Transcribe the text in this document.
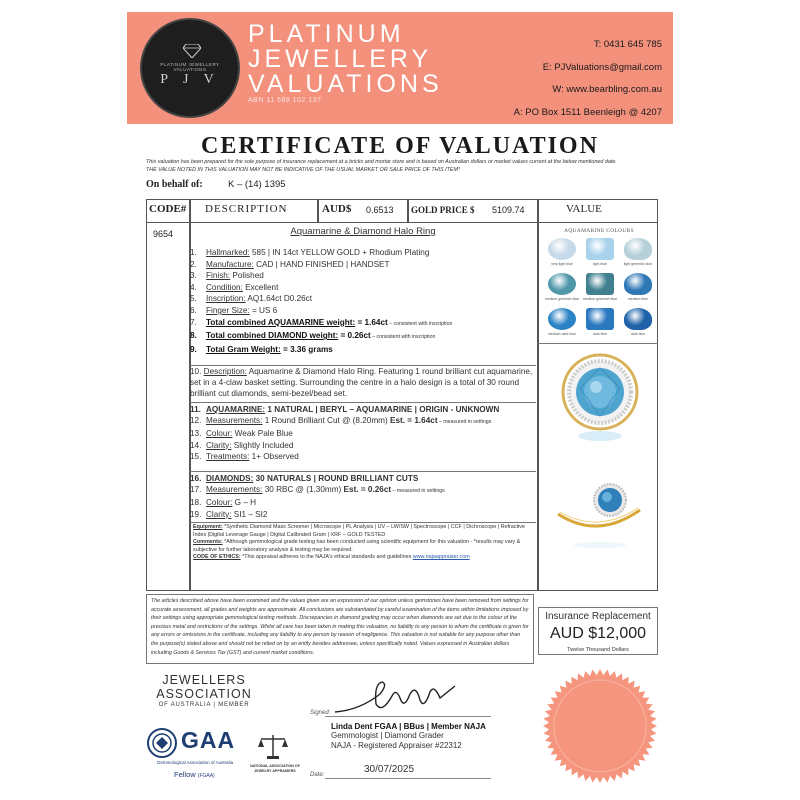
PLATINUM JEWELLERY VALUATIONS
P J V
PLATINUM
JEWELLERY
VALUATIONS
ABN 11 588 102 137
T: 0431 645 785
E: PJValuations@gmail.com
W: www.bearbling.com.au
A: PO Box 1511 Beenleigh @ 4207
CERTIFICATE OF VALUATION
This valuation has been prepared for the sole purpose of insurance replacement at a bricks and mortar store and is based on Australian dollars or market values current at the below mentioned date.
THE VALUE NOTED IN THIS VALUATION MAY NOT BE INDICATIVE OF THE USUAL MARKET OR SALE PRICE OF THIS ITEM*
On behalf of:	K – (14) 1395
CODE# DESCRIPTION	AUD$ 0.6513 GOLD PRICE $ 5109.74	VALUE
9654	Aquamarine & Diamond Halo Ring
1. Hallmarked: 585 | IN 14ct YELLOW GOLD + Rhodium Plating
2. Manufacture: CAD | HAND FINISHED | HANDSET
3. Finish: Polished
4. Condition: Excellent
5. Inscription: AQ1.64ct D0.26ct
6. Finger Size: = US 6
7. Total combined AQUAMARINE weight: = 1.64ct – consistent with inscription
8. Total combined DIAMOND weight: = 0.26ct – consistent with inscription
9. Total Gram Weight: = 3.36 grams
10. Description: Aquamarine & Diamond Halo Ring. Featuring 1 round brilliant cut aquamarine, set in a 4-claw basket setting. Surrounding the centre in a halo design is a total of 30 round brilliant cut diamonds, semi-bezel/bead set.
11. AQUAMARINE: 1 NATURAL | BERYL – AQUAMARINE | ORIGIN - UNKNOWN
12. Measurements: 1 Round Brilliant Cut @ (8.20mm) Est. = 1.64ct – measured in settings
13. Colour: Weak Pale Blue
14. Clarity: Slightly Included
15. Treatments: 1+ Observed
16. DIAMONDS: 30 NATURALS | ROUND BRILLIANT CUTS
17. Measurements: 30 RBC @ (1.30mm) Est. = 0.26ct – measured in settings
18. Colour: G – H
19. Clarity: SI1 – SI2
Equipment: *Synthetic Diamond Mass Screener | Microscope | PL Analysis | UV – LW/SW | Spectroscope | CCF | Dichroscope | Refractive Index |Digital Leverage Gauge | Digital Calibrated Gram | XRF – GOLD TESTED
Comments: *Although gemmological grade testing has been conducted using scientific equipment for this valuation - *results may vary & subjective for further laboratory analysis & testing may be required.
CODE OF ETHICS: *This appraisal adheres to the NAJA's ethical standards and guidelines www.najaappraiser.com
AQUAMARINE COLOURS
very light blue	light blue	light greenish blue
medium greenish blue medium greenish blue	medium blue
medium-dark blue	dark blue	dark blue
The articles described above have been examined and the values given are an expression of our opinion unless gemstones have been removed from settings for accurate assessment, all grades and weights are approximate. All conclusions are substantiated by careful examination of the items within limitations imposed by their settings using appropriate gemmological testing methods. Discrepancies in diamond grading may occur when diamonds are set due to the colour of the precious metal and restrictions of the settings. Whilst all care has been taken in making this valuation, no liability to any person to whom the certificate is given for any errors or omissions in the certificate, including any liability to any person by reason of negligence. This valuation is not suitable for any purpose other than the purpose(s) stated above and should not be relied on by an entity besides addressee, unless specifically noted. Values expressed in Australian dollars including Goods & Services Tax (GST) and current market conditions.
Insurance Replacement
AUD $12,000
Twelve Thousand Dollars
JEWELLERS
ASSOCIATION
OF AUSTRALIA | MEMBER
GAA
Gemmological Association of Australia
Fellow (FGAA)
NATIONAL ASSOCIATION OF JEWELRY APPRAISERS
Signed:
Linda Dent FGAA | BBus | Member NAJA
Gemmologist | Diamond Grader
NAJA - Registered Appraiser #22312
Date:	30/07/2025
